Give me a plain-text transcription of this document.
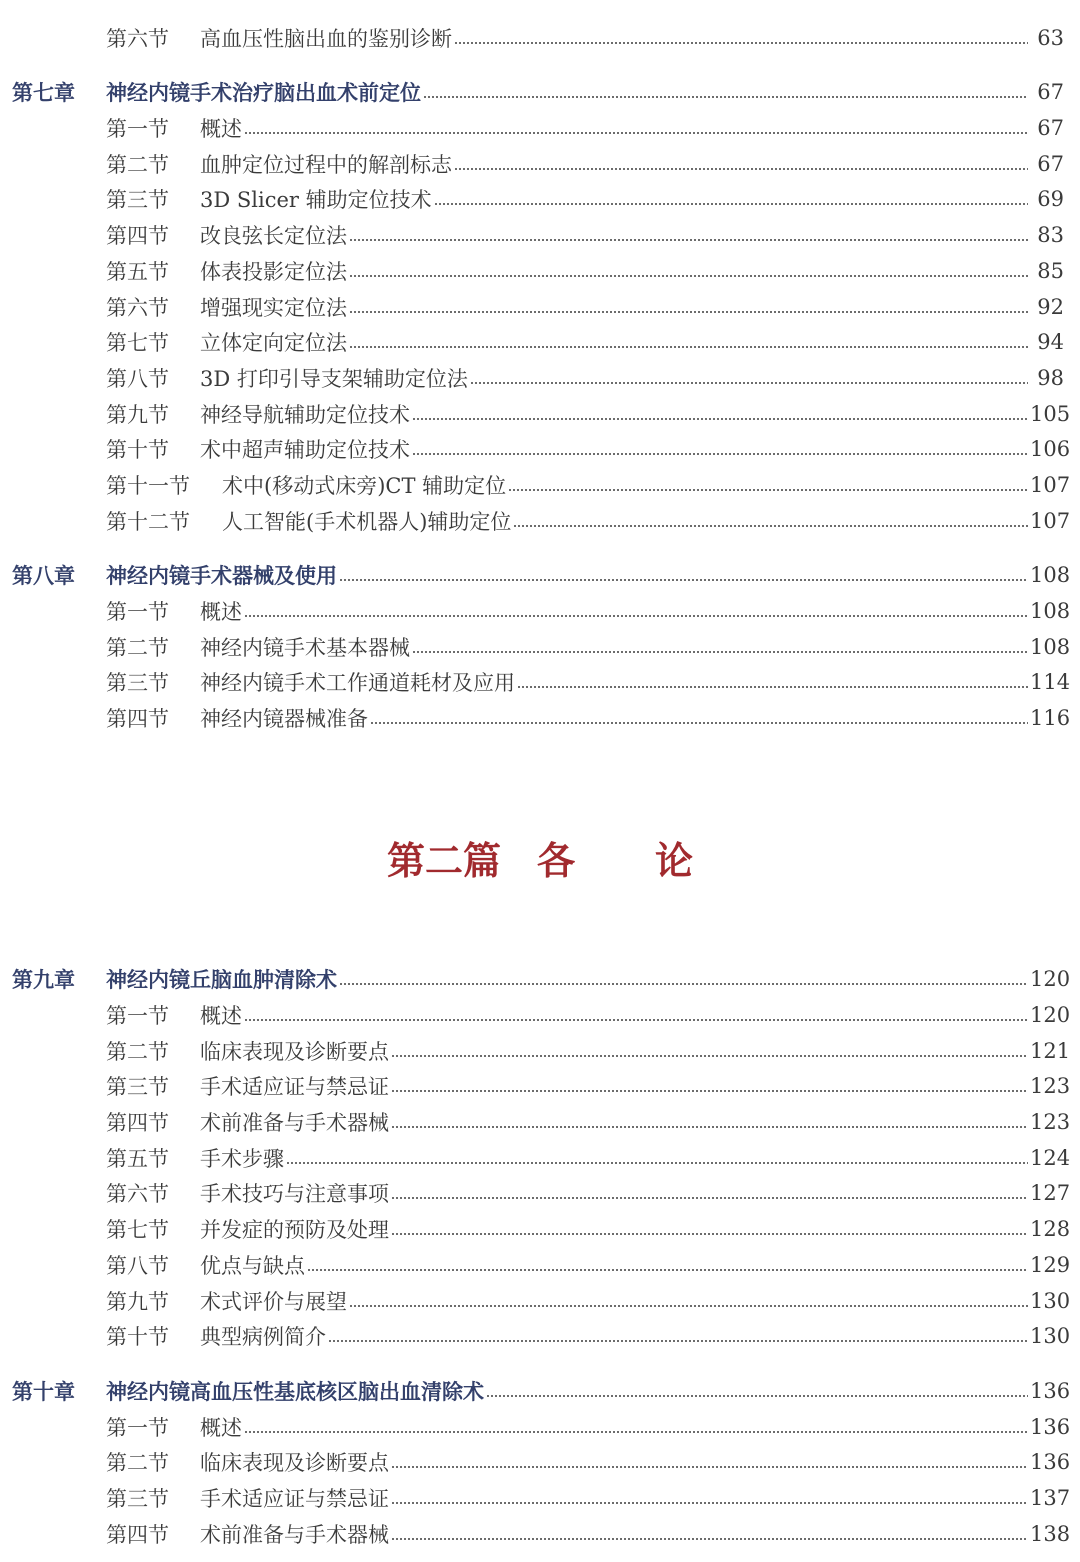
第六节	高血压性脑出血的鉴别诊断	63
第七章	神经内镜手术治疗脑出血术前定位	67
第一节	概述	67
第二节	血肿定位过程中的解剖标志	67
第三节	3D Slicer 辅助定位技术	69
第四节	改良弦长定位法	83
第五节	体表投影定位法	85
第六节	增强现实定位法	92
第七节	立体定向定位法	94
第八节	3D 打印引导支架辅助定位法	98
第九节	神经导航辅助定位技术	105
第十节	术中超声辅助定位技术	106
第十一节	术中(移动式床旁)CT 辅助定位	107
第十二节	人工智能(手术机器人)辅助定位	107
第八章	神经内镜手术器械及使用	108
第一节	概述	108
第二节	神经内镜手术基本器械	108
第三节	神经内镜手术工作通道耗材及应用	114
第四节	神经内镜器械准备	116
第二篇 各 论
第九章	神经内镜丘脑血肿清除术	120
第一节	概述	120
第二节	临床表现及诊断要点	121
第三节	手术适应证与禁忌证	123
第四节	术前准备与手术器械	123
第五节	手术步骤	124
第六节	手术技巧与注意事项	127
第七节	并发症的预防及处理	128
第八节	优点与缺点	129
第九节	术式评价与展望	130
第十节	典型病例简介	130
第十章	神经内镜高血压性基底核区脑出血清除术	136
第一节	概述	136
第二节	临床表现及诊断要点	136
第三节	手术适应证与禁忌证	137
第四节	术前准备与手术器械	138
